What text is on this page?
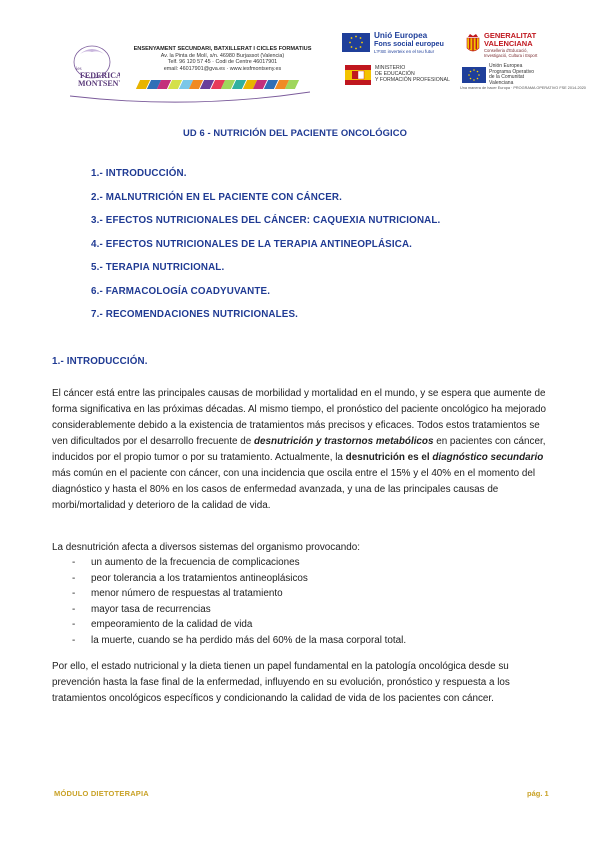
ies
FEDERICA
MONTSENY
ENSENYAMENT SECUNDARI, BATXILLERAT I CICLES FORMATIUS
Av. la Pinta de Molí, s/n. 46980 Burjassot (Valencia)
Telf. 96 120 57 45 · Codi de Centre 46017901
email: 46017901@gva.es · www.iesfmontseny.es
Unió Europea
Fons social europeu
L'FSE inverteix en el teu futur
GENERALITAT
VALENCIANA
Conselleria d'Educació,
Investigació, Cultura i Esport
MINISTERIO
DE EDUCACIÓN
Y FORMACIÓN PROFESIONAL
Unión Europea
Programa Operativo
de la Comunitat
Valenciana
Una manera de hacer Europa · PROGRAMA OPERATIVO FSE 2014-2020
UD 6 - NUTRICIÓN DEL PACIENTE ONCOLÓGICO
1.- INTRODUCCIÓN.
2.- MALNUTRICIÓN EN EL PACIENTE CON CÁNCER.
3.- EFECTOS NUTRICIONALES DEL CÁNCER: CAQUEXIA NUTRICIONAL.
4.- EFECTOS NUTRICIONALES DE LA TERAPIA ANTINEOPLÁSICA.
5.- TERAPIA NUTRICIONAL.
6.- FARMACOLOGÍA COADYUVANTE.
7.- RECOMENDACIONES NUTRICIONALES.
1.- INTRODUCCIÓN.

El cáncer está entre las principales causas de morbilidad y mortalidad en el mundo, y se espera que aumente de forma significativa en las próximas décadas. Al mismo tiempo, el pronóstico del paciente oncológico ha mejorado considerablemente debido a la existencia de tratamientos más precisos y eficaces. Todos estos tratamientos se ven dificultados por el desarrollo frecuente de desnutrición y trastornos metabólicos en pacientes con cáncer, inducidos por el propio tumor o por su tratamiento. Actualmente, la desnutrición es el diagnóstico secundario más común en el paciente con cáncer, con una incidencia que oscila entre el 15% y el 40% en el momento del diagnóstico y hasta el 80% en los casos de enfermedad avanzada, y una de las principales causas de morbi/mortalidad y deterioro de la calidad de vida.

La desnutrición afecta a diversos sistemas del organismo provocando:

- un aumento de la frecuencia de complicaciones
- peor tolerancia a los tratamientos antineoplásicos
- menor número de respuestas al tratamiento
- mayor tasa de recurrencias
- empeoramiento de la calidad de vida
- la muerte, cuando se ha perdido más del 60% de la masa corporal total.

Por ello, el estado nutricional y la dieta tienen un papel fundamental en la patología oncológica desde su prevención hasta la fase final de la enfermedad, influyendo en su evolución, pronóstico y respuesta a los tratamientos oncológicos específicos y condicionando la calidad de vida de los pacientes con cáncer.

MÓDULO DIETOTERAPIA	pág. 1
